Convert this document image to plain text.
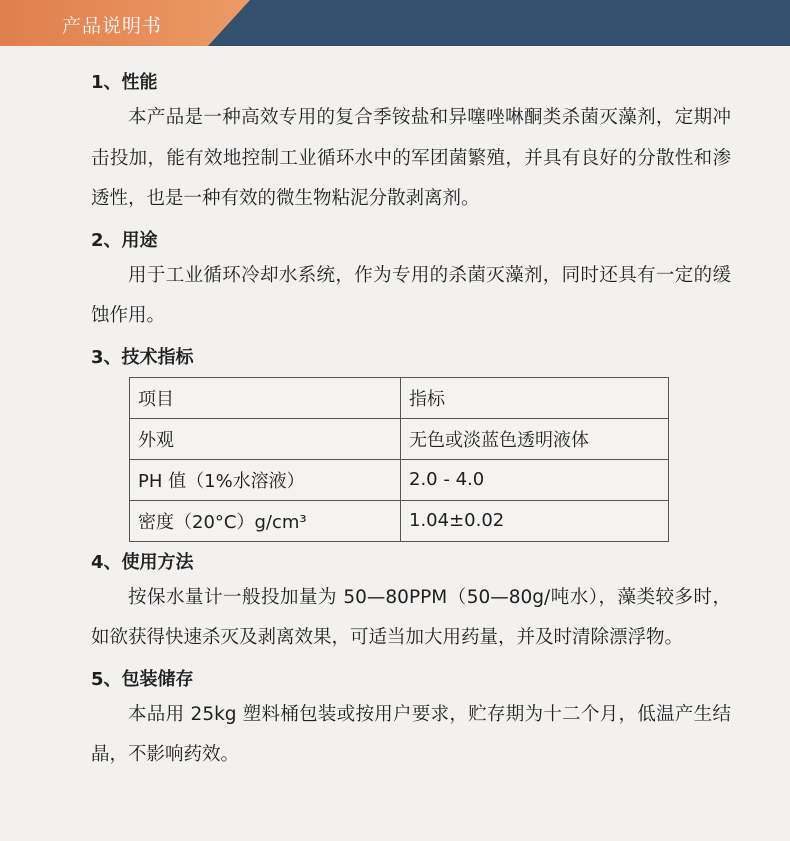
产品说明书
1、性能

本产品是一种高效专用的复合季铵盐和异噻唑啉酮类杀菌灭藻剂，定期冲击投加，能有效地控制工业循环水中的军团菌繁殖，并具有良好的分散性和渗透性，也是一种有效的微生物粘泥分散剥离剂。

2、用途

用于工业循环冷却水系统，作为专用的杀菌灭藻剂，同时还具有一定的缓蚀作用。

3、技术指标
项目	指标
外观	无色或淡蓝色透明液体
PH 值（1%水溶液）	2.0 - 4.0
密度（20°C）g/cm³	1.04±0.02
4、使用方法

按保水量计一般投加量为 50—80PPM（50—80g/吨水），藻类较多时，如欲获得快速杀灭及剥离效果，可适当加大用药量，并及时清除漂浮物。

5、包装储存

本品用 25kg 塑料桶包装或按用户要求，贮存期为十二个月，低温产生结晶，不影响药效。
